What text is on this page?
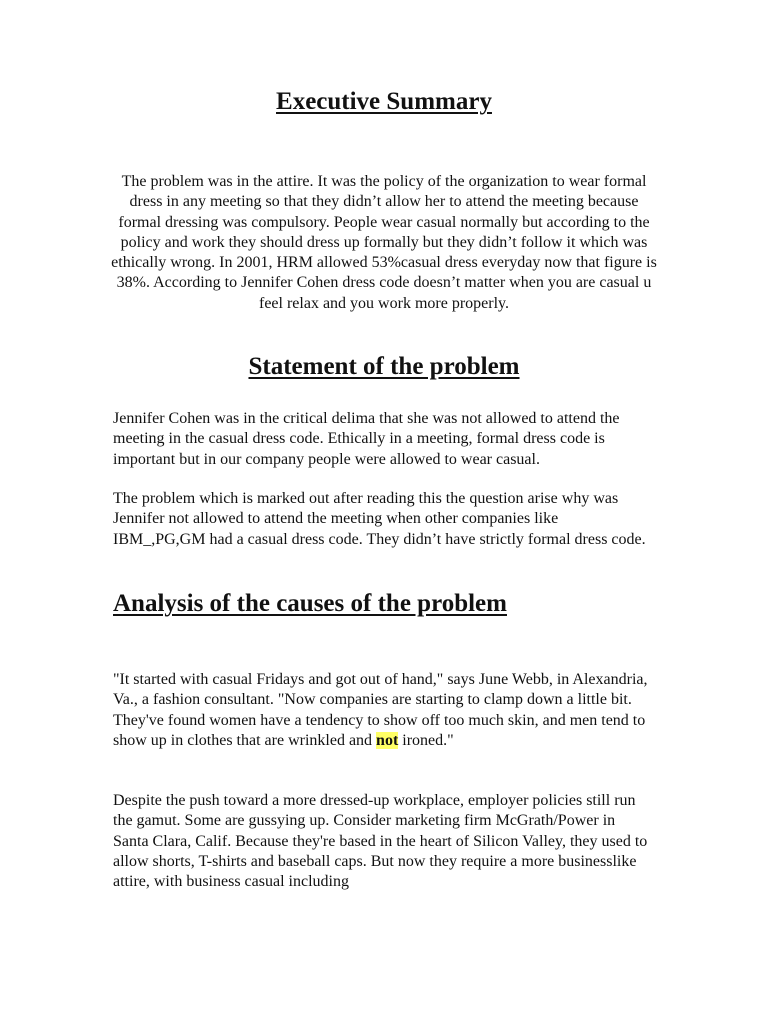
Executive Summary

The problem was in the attire. It was the policy of the organization to wear formal dress in any meeting so that they didn’t allow her to attend the meeting because formal dressing was compulsory. People wear casual normally but according to the policy and work they should dress up formally but they didn’t follow it which was ethically wrong. In 2001, HRM allowed 53%casual dress everyday now that figure is 38%. According to Jennifer Cohen dress code doesn’t matter when you are casual u feel relax and you work more properly.

Statement of the problem

Jennifer Cohen was in the critical delima that she was not allowed to attend the meeting in the casual dress code. Ethically in a meeting, formal dress code is important but in our company people were allowed to wear casual.

The problem which is marked out after reading this the question arise why was Jennifer not allowed to attend the meeting when other companies like IBM_,PG,GM had a casual dress code. They didn’t have strictly formal dress code.

Analysis of the causes of the problem

"It started with casual Fridays and got out of hand," says June Webb, in Alexandria, Va., a fashion consultant. "Now companies are starting to clamp down a little bit. They've found women have a tendency to show off too much skin, and men tend to show up in clothes that are wrinkled and not ironed."

Despite the push toward a more dressed-up workplace, employer policies still run the gamut. Some are gussying up. Consider marketing firm McGrath/Power in Santa Clara, Calif. Because they're based in the heart of Silicon Valley, they used to allow shorts, T-shirts and baseball caps. But now they require a more businesslike attire, with business casual including
